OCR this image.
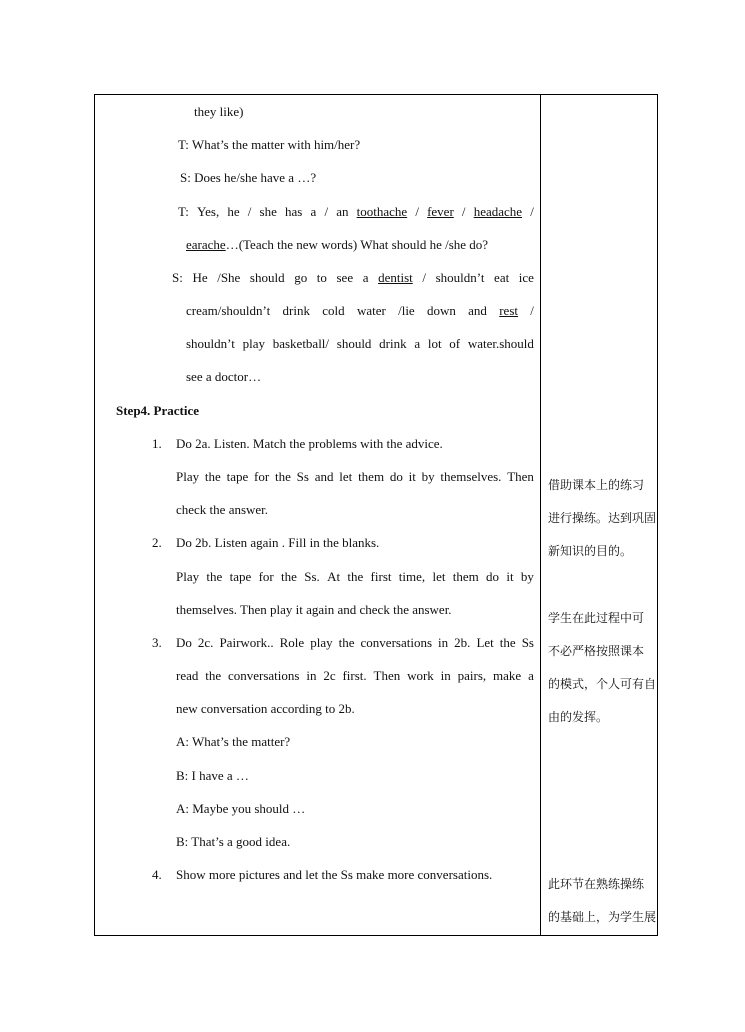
they like)
T: What’s the matter with him/her?
S: Does he/she have a …?
T: Yes, he / she has a / an toothache / fever / headache /
earache…(Teach the new words) What should he /she do?
S: He /She should go to see a dentist / shouldn’t eat ice
cream/shouldn’t drink cold water /lie down and rest /
shouldn’t play basketball/ should drink a lot of water.should
see a doctor…
Step4. Practice
1. Do 2a. Listen. Match the problems with the advice.
Play the tape for the Ss and let them do it by themselves. Then
check the answer.
2. Do 2b. Listen again . Fill in the blanks.
Play the tape for the Ss. At the first time, let them do it by
themselves. Then play it again and check the answer.
3. Do 2c. Pairwork.. Role play the conversations in 2b. Let the Ss
read the conversations in 2c first. Then work in pairs, make a
new conversation according to 2b.
A: What’s the matter?
B: I have a …
A: Maybe you should …
B: That’s a good idea.
4. Show more pictures and let the Ss make more conversations.
借助课本上的练习
进行操练。达到巩固
新知识的目的。
学生在此过程中可
不必严格按照课本
的模式，个人可有自
由的发挥。
此环节在熟练操练
的基础上，为学生展
